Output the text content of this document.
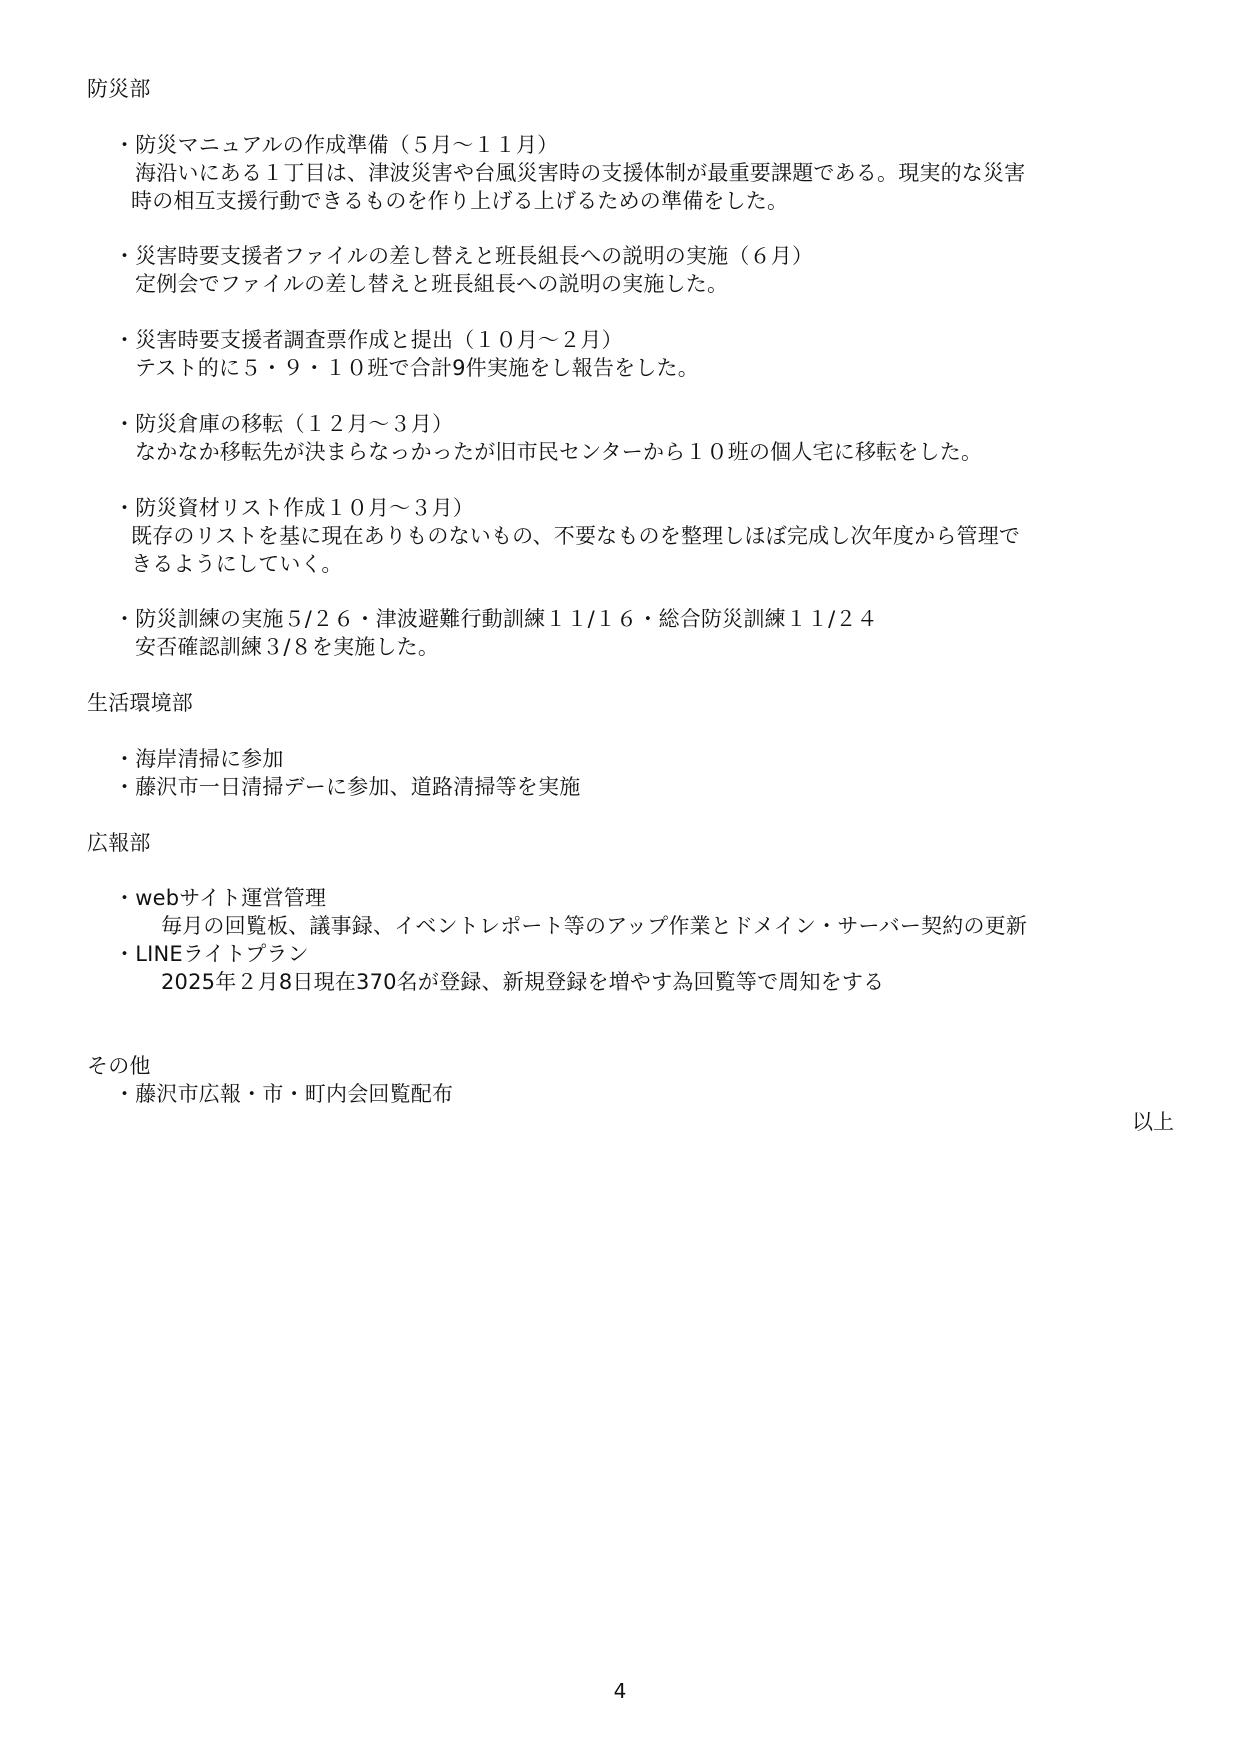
防災部
・防災マニュアルの作成準備（５月〜１１月）
海沿いにある１丁目は、津波災害や台風災害時の支援体制が最重要課題である。現実的な災害
時の相互支援行動できるものを作り上げる上げるための準備をした。
・災害時要支援者ファイルの差し替えと班長組長への説明の実施（６月）
定例会でファイルの差し替えと班長組長への説明の実施した。
・災害時要支援者調査票作成と提出（１０月〜２月）
テスト的に５・９・１０班で合計9件実施をし報告をした。
・防災倉庫の移転（１２月〜３月）
なかなか移転先が決まらなっかったが旧市民センターから１０班の個人宅に移転をした。
・防災資材リスト作成１０月〜３月）
既存のリストを基に現在ありものないもの、不要なものを整理しほぼ完成し次年度から管理で
きるようにしていく。
・防災訓練の実施５/２６・津波避難行動訓練１１/１６・総合防災訓練１１/２４
安否確認訓練３/８を実施した。
生活環境部
・海岸清掃に参加
・藤沢市一日清掃デーに参加、道路清掃等を実施
広報部
・webサイト運営管理
毎月の回覧板、議事録、イベントレポート等のアップ作業とドメイン・サーバー契約の更新
・LINEライトプラン
2025年２月8日現在370名が登録、新規登録を増やす為回覧等で周知をする
その他
・藤沢市広報・市・町内会回覧配布
以上
4
